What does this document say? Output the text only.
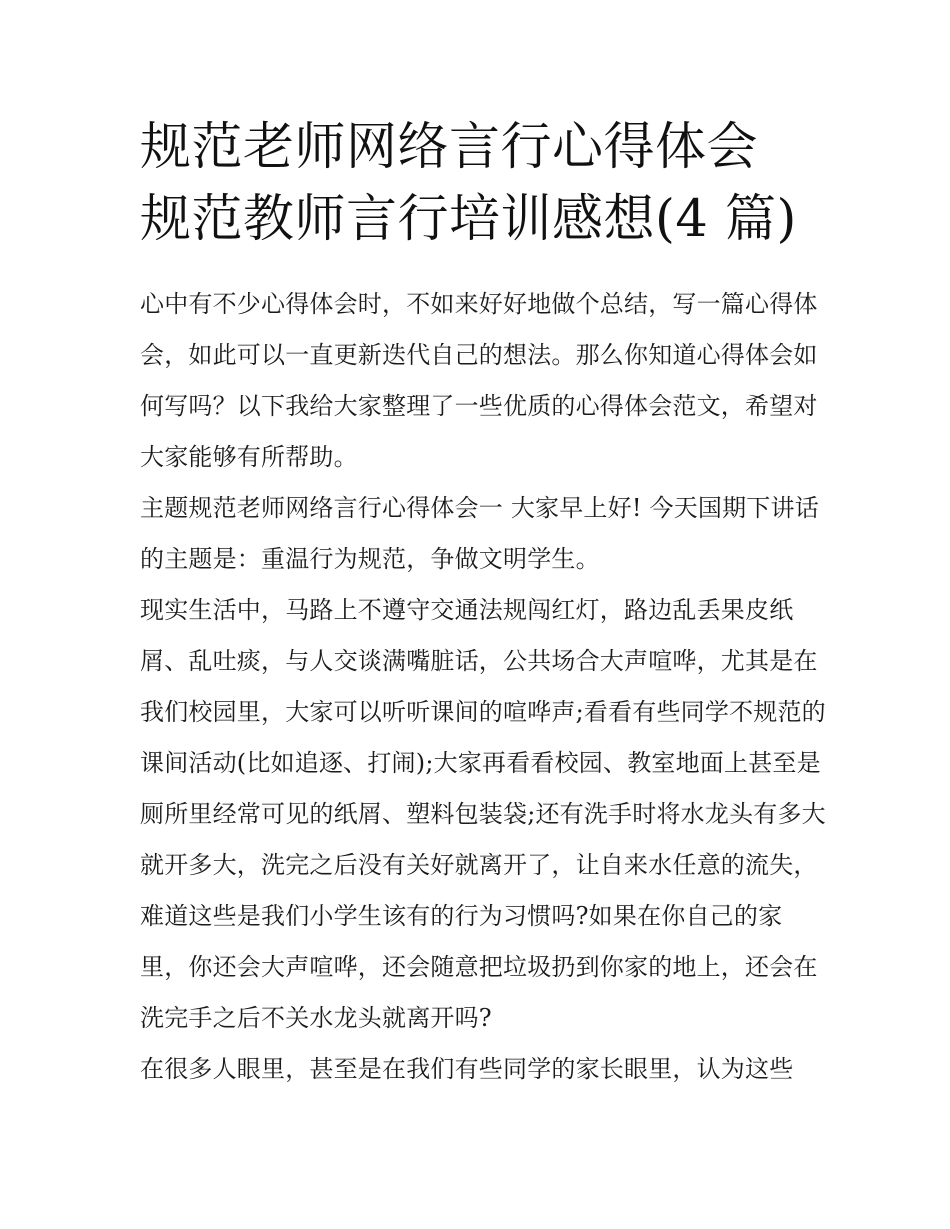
规范老师网络言行心得体会 规范教师言行培训感想(4 篇)

心中有不少心得体会时，不如来好好地做个总结，写一篇心得体会，如此可以一直更新迭代自己的想法。那么你知道心得体会如何写吗？以下我给大家整理了一些优质的心得体会范文，希望对大家能够有所帮助。

主题规范老师网络言行心得体会一 大家早上好! 今天国期下讲话的主题是：重温行为规范，争做文明学生。

现实生活中，马路上不遵守交通法规闯红灯，路边乱丢果皮纸屑、乱吐痰，与人交谈满嘴脏话，公共场合大声喧哗，尤其是在我们校园里，大家可以听听课间的喧哗声;看看有些同学不规范的课间活动(比如追逐、打闹);大家再看看校园、教室地面上甚至是厕所里经常可见的纸屑、塑料包装袋;还有洗手时将水龙头有多大就开多大，洗完之后没有关好就离开了，让自来水任意的流失，难道这些是我们小学生该有的行为习惯吗?如果在你自己的家里，你还会大声喧哗，还会随意把垃圾扔到你家的地上，还会在洗完手之后不关水龙头就离开吗?

在很多人眼里，甚至是在我们有些同学的家长眼里，认为这些
